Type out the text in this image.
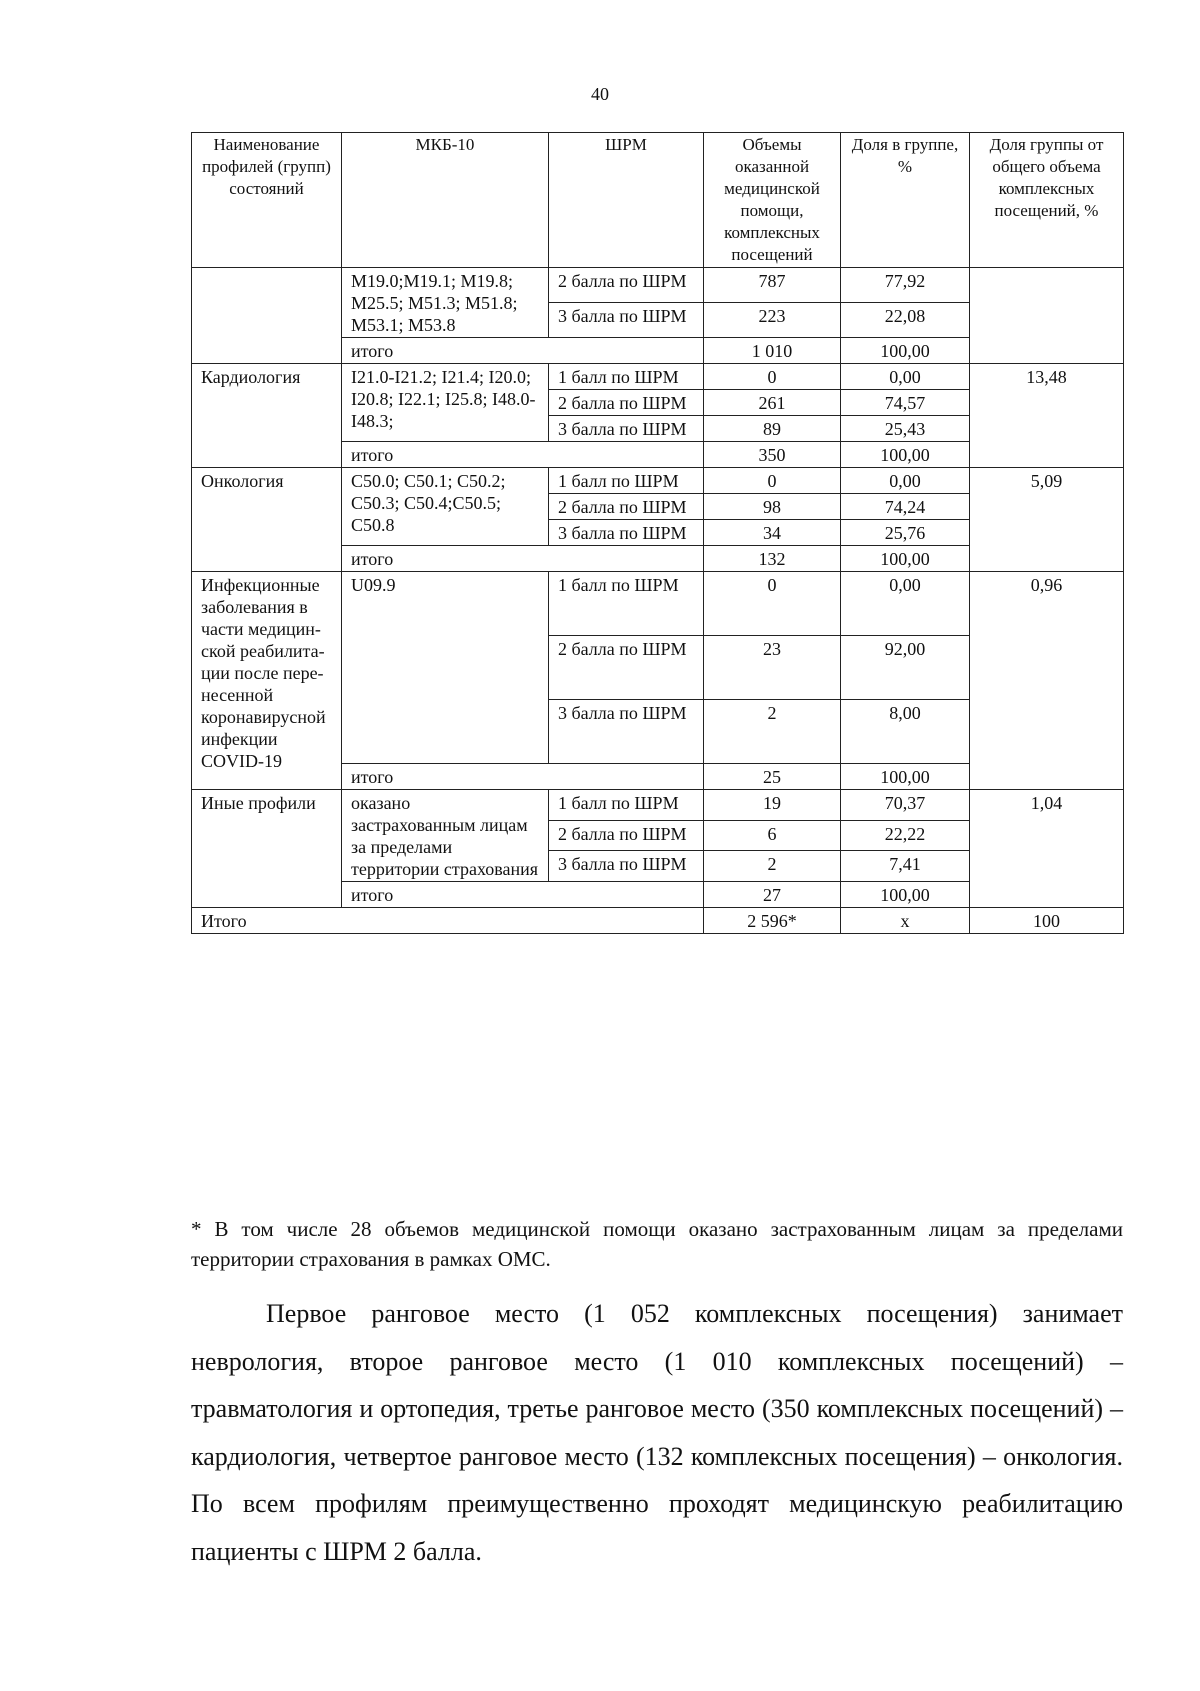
40
Наименование профилей (групп) состояний	МКБ-10	ШРМ	Объемы оказанной медицинской помощи, комплексных посещений	Доля в группе, %	Доля группы от общего объема комплексных посещений, %
	M19.0;M19.1; M19.8; M25.5; M51.3; M51.8; M53.1; M53.8	2 балла по ШРМ	787	77,92	
		3 балла по ШРМ	223	22,08	
	итого		1 010	100,00	
Кардиология	I21.0-I21.2; I21.4; I20.0; I20.8; I22.1; I25.8; I48.0-I48.3;	1 балл по ШРМ	0	0,00	13,48
		2 балла по ШРМ	261	74,57	
		3 балла по ШРМ	89	25,43	
	итого		350	100,00	
Онкология	C50.0; C50.1; C50.2; C50.3; C50.4;C50.5; C50.8	1 балл по ШРМ	0	0,00	5,09
		2 балла по ШРМ	98	74,24	
		3 балла по ШРМ	34	25,76	
	итого		132	100,00	
Инфекционные заболевания в части медицин-ской реабилита-ции после пере-несенной коронавирусной инфекции COVID-19	U09.9	1 балл по ШРМ	0	0,00	0,96
		2 балла по ШРМ	23	92,00	
		3 балла по ШРМ	2	8,00	
	итого		25	100,00	
Иные профили	оказано застрахованным лицам за пределами территории страхования	1 балл по ШРМ	19	70,37	1,04
		2 балла по ШРМ	6	22,22	
		3 балла по ШРМ	2	7,41	
	итого		27	100,00	
Итого			2 596*	x	100
* В том числе 28 объемов медицинской помощи оказано застрахованным лицам за пределами территории страхования в рамках ОМС.
Первое ранговое место (1 052 комплексных посещения) занимает неврология, второе ранговое место (1 010 комплексных посещений) – травматология и ортопедия, третье ранговое место (350 комплексных посещений) – кардиология, четвертое ранговое место (132 комплексных посещения) – онкология. По всем профилям преимущественно проходят медицинскую реабилитацию пациенты с ШРМ 2 балла.
